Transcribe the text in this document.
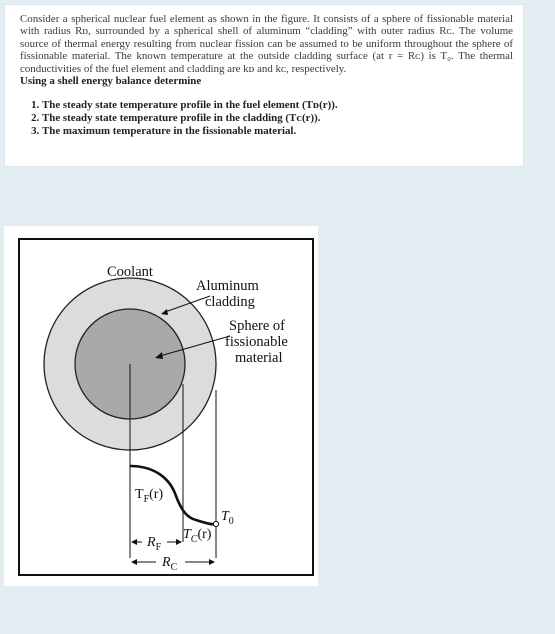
Consider a spherical nuclear fuel element as shown in the figure. It consists of a sphere of fissionable material with radius Rᴅ, surrounded by a spherical shell of aluminum “cladding” with outer radius Rᴄ. The volume source of thermal energy resulting from nuclear fission can be assumed to be uniform throughout the sphere of fissionable material. The known temperature at the outside cladding surface (at r = Rᴄ) is T₀. The thermal conductivities of the fuel element and cladding are kᴅ and kᴄ, respectively.

Using a shell energy balance determine

1. The steady state temperature profile in the fuel element (Tᴅ(r)).
2. The steady state temperature profile in the cladding (Tᴄ(r)).
3. The maximum temperature in the fissionable material.
Coolant
Aluminum
cladding
Sphere of
fissionable
material
$T_F(r)$
$T_0$
$T_C(r)$
$R_F$
$R_C$
